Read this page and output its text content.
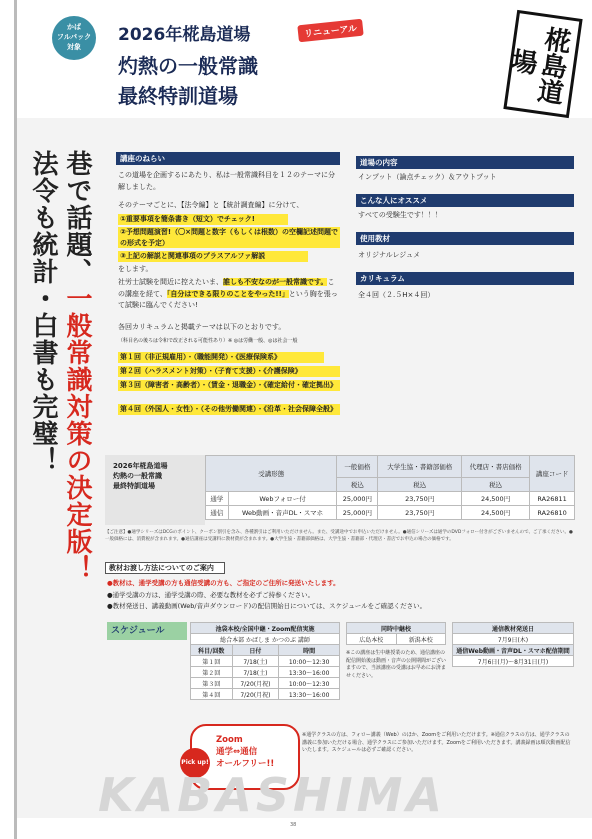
かば
フルパック
対象
2026年椛島道場	リニューアル
灼熱の一般常識
最終特訓道場	椛島道場
巷で話題、一般常識対策の決定版！
法令も統計・白書も完璧！	講座のねらい
この道場を企画するにあたり、私は一般常識科目を１２のテーマに分解しました。
そのテーマごとに、【法令編】と【統計調査編】に分けて、
①重要事項を簡条書き（短文）でチェック!
②予想問題演習!（〇×問題と数字（もしくは根数）の空欄記述問題での形式を予定）
③上記の解説と関連事項のプラスアルファ解説
をします。
社労士試験を間近に控えたいま、誰しも不安なのが一般常識です。この講座を経て、「自分はできる限りのことをやった!!」という胸を張って試験に臨んでください!
各回カリキュラムと掲載テーマは以下のとおりです。
（科目名の後ろは令和で改正される可能性あり）※ ◎は労働一般、◎は社会一般
第１回（非正規雇用）・（職能開発）・《医療保険系》
第２回（ハラスメント対策）・（子育て支援）・《介護保険》
第３回（障害者・高齢者）・（賃金・退職金）・《確定給付・確定拠出》
第４回（外国人・女性）・（その他労働関連）・《沿革・社会保障全般》
道場の内容
インプット（論点チェック）＆アウトプット
こんな人にオススメ
すべての受験生です！！！
使用教材
オリジナルレジュメ
カリキュラム
全４回（２.５H×４回）
2026年椛島道場
灼熱の一般常識
最終特訓道場
受講形態		一般価格	大学生協・書籍部価格	代理店・書店価格	講座コード
		税込	税込	税込	
通学	Webフォロー付	25,000円	23,750円	24,500円	RA26811
通信	Web動画・音声DL・スマホ	25,000円	23,750円	24,500円	RA26810
【ご注意】●通学シリーズはDCGのポイント、クーポン割引を含み、各種割引はご利用いただけません。また、受講途中でお申込いただけません。●通信シリーズは通学のDVDフォロー付きがございませんので、ご了承ください。●一般価格には、消費税が含まれます。●通信講座は受講料に教材費が含まれます。●大学生協・書籍部価格は、大学生協・書籍部・代理店・書店でお申込の場合の価格です。
教材お渡し方法についてのご案内
●教材は、通学受講の方も通信受講の方も、ご指定のご住所に発送いたします。
●通学受講の方は、通学受講の際、必要な教材を必ずご持参ください。
●教材発送日、講義動画(Web/音声ダウンロード)の配信開始日については、スケジュールをご確認ください。
スケジュール	池袋本校/全国中継・Zoom配信実施		
総合本部 かばしま かつのぶ 講師		
科目/回数	日付	時間
第１回	7/18(土)	10:00〜12:30
第２回	7/18(土)	13:30〜16:00
第３回	7/20(月祝)	10:00〜12:30
第４回	7/20(月祝)	13:30〜16:00
同時中継校
広島本校	新潟本校
※この講座は生中継授業のため、通信講座の配信開始後は動画・音声の公開期間がございますので、当該講座の受講はお早めにお済ませください。
通信教材発送日
7月9日(木)
通信Web動画・音声DL・スマホ配信期間
7月6日(月)〜8月31日(月)
Pick up!
Zoom
通学⇔通信
オールフリー!!
※通学クラスの方は、フォロー講義（Web）のほか、Zoomをご利用いただけます。※通信クラスの方は、通学クラスの講義に参加いただける場合、通学クラスにご参加いただけます。Zoomをご利用いただきます。講義録画は順次動画配信いたします。スケジュールは必ずご確認ください。
KABASHIMA
38
